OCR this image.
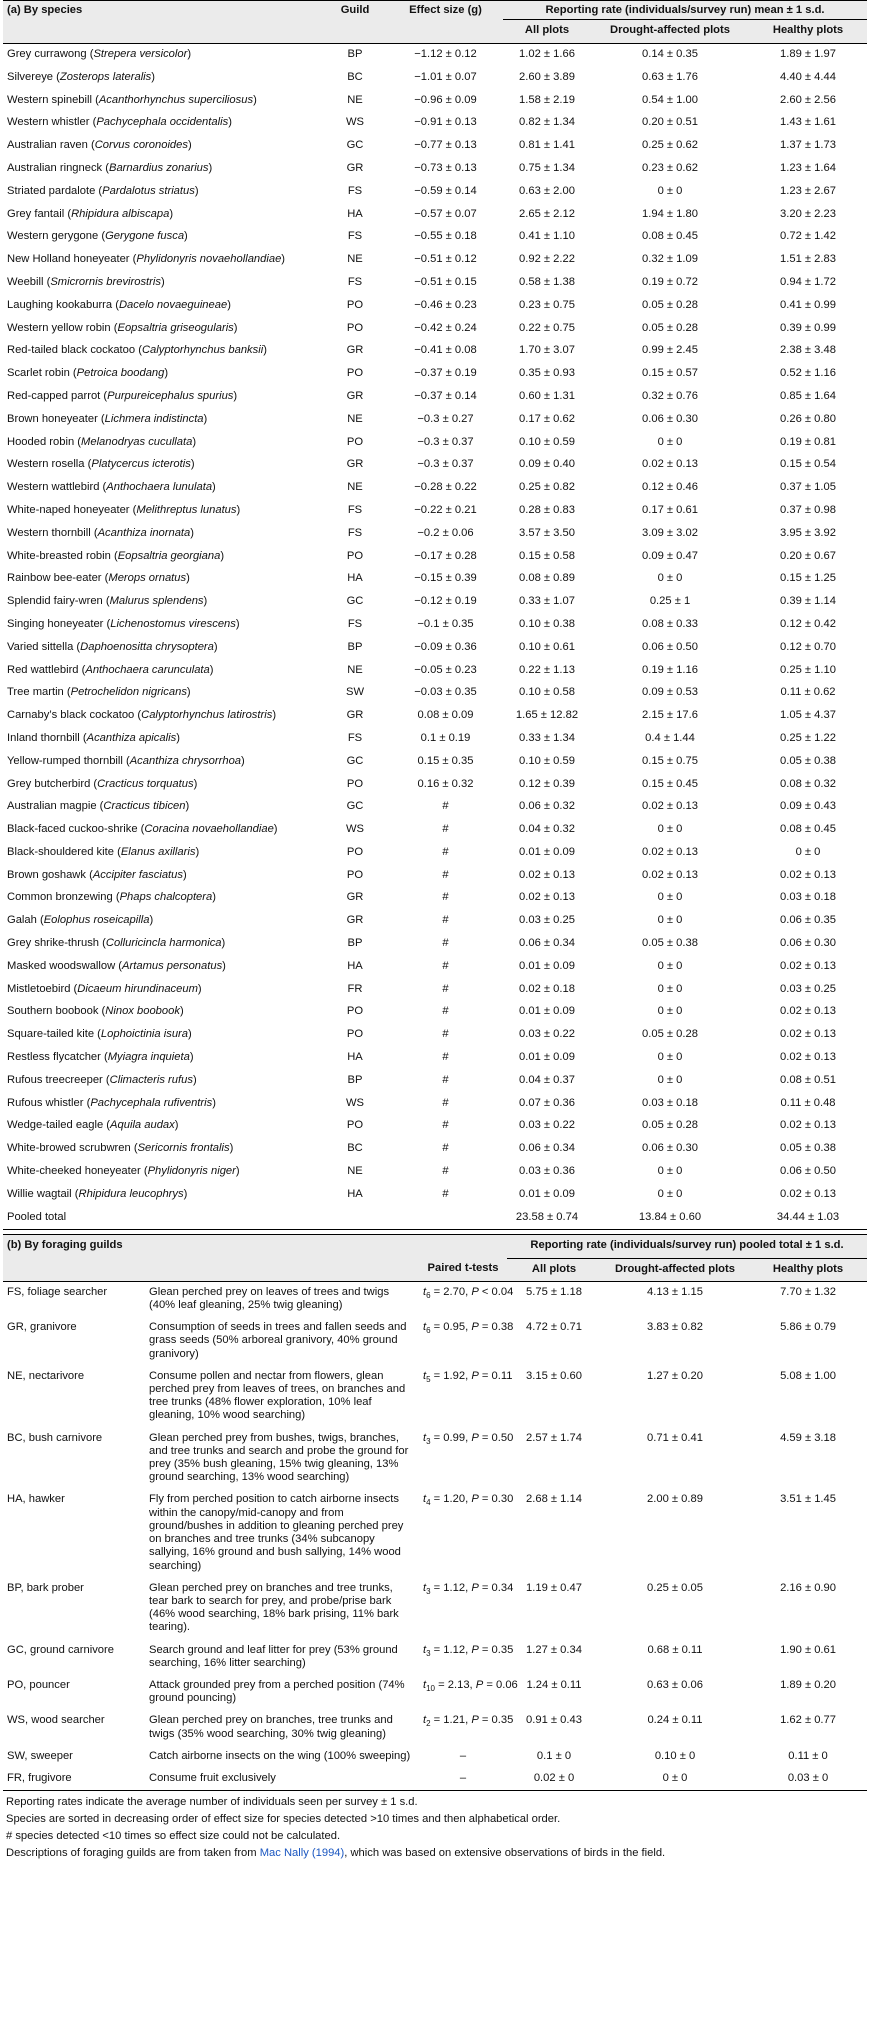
(a) By species	Guild	Effect size (g)	Reporting rate (individuals/survey run) mean ± 1 s.d.		
			All plots	Drought-affected plots	Healthy plots
Grey currawong (Strepera versicolor)	BP	−1.12 ± 0.12	1.02 ± 1.66	0.14 ± 0.35	1.89 ± 1.97
Silvereye (Zosterops lateralis)	BC	−1.01 ± 0.07	2.60 ± 3.89	0.63 ± 1.76	4.40 ± 4.44
Western spinebill (Acanthorhynchus superciliosus)	NE	−0.96 ± 0.09	1.58 ± 2.19	0.54 ± 1.00	2.60 ± 2.56
Western whistler (Pachycephala occidentalis)	WS	−0.91 ± 0.13	0.82 ± 1.34	0.20 ± 0.51	1.43 ± 1.61
Australian raven (Corvus coronoides)	GC	−0.77 ± 0.13	0.81 ± 1.41	0.25 ± 0.62	1.37 ± 1.73
Australian ringneck (Barnardius zonarius)	GR	−0.73 ± 0.13	0.75 ± 1.34	0.23 ± 0.62	1.23 ± 1.64
Striated pardalote (Pardalotus striatus)	FS	−0.59 ± 0.14	0.63 ± 2.00	0 ± 0	1.23 ± 2.67
Grey fantail (Rhipidura albiscapa)	HA	−0.57 ± 0.07	2.65 ± 2.12	1.94 ± 1.80	3.20 ± 2.23
Western gerygone (Gerygone fusca)	FS	−0.55 ± 0.18	0.41 ± 1.10	0.08 ± 0.45	0.72 ± 1.42
New Holland honeyeater (Phylidonyris novaehollandiae)	NE	−0.51 ± 0.12	0.92 ± 2.22	0.32 ± 1.09	1.51 ± 2.83
Weebill (Smicrornis brevirostris)	FS	−0.51 ± 0.15	0.58 ± 1.38	0.19 ± 0.72	0.94 ± 1.72
Laughing kookaburra (Dacelo novaeguineae)	PO	−0.46 ± 0.23	0.23 ± 0.75	0.05 ± 0.28	0.41 ± 0.99
Western yellow robin (Eopsaltria griseogularis)	PO	−0.42 ± 0.24	0.22 ± 0.75	0.05 ± 0.28	0.39 ± 0.99
Red-tailed black cockatoo (Calyptorhynchus banksii)	GR	−0.41 ± 0.08	1.70 ± 3.07	0.99 ± 2.45	2.38 ± 3.48
Scarlet robin (Petroica boodang)	PO	−0.37 ± 0.19	0.35 ± 0.93	0.15 ± 0.57	0.52 ± 1.16
Red-capped parrot (Purpureicephalus spurius)	GR	−0.37 ± 0.14	0.60 ± 1.31	0.32 ± 0.76	0.85 ± 1.64
Brown honeyeater (Lichmera indistincta)	NE	−0.3 ± 0.27	0.17 ± 0.62	0.06 ± 0.30	0.26 ± 0.80
Hooded robin (Melanodryas cucullata)	PO	−0.3 ± 0.37	0.10 ± 0.59	0 ± 0	0.19 ± 0.81
Western rosella (Platycercus icterotis)	GR	−0.3 ± 0.37	0.09 ± 0.40	0.02 ± 0.13	0.15 ± 0.54
Western wattlebird (Anthochaera lunulata)	NE	−0.28 ± 0.22	0.25 ± 0.82	0.12 ± 0.46	0.37 ± 1.05
White-naped honeyeater (Melithreptus lunatus)	FS	−0.22 ± 0.21	0.28 ± 0.83	0.17 ± 0.61	0.37 ± 0.98
Western thornbill (Acanthiza inornata)	FS	−0.2 ± 0.06	3.57 ± 3.50	3.09 ± 3.02	3.95 ± 3.92
White-breasted robin (Eopsaltria georgiana)	PO	−0.17 ± 0.28	0.15 ± 0.58	0.09 ± 0.47	0.20 ± 0.67
Rainbow bee-eater (Merops ornatus)	HA	−0.15 ± 0.39	0.08 ± 0.89	0 ± 0	0.15 ± 1.25
Splendid fairy-wren (Malurus splendens)	GC	−0.12 ± 0.19	0.33 ± 1.07	0.25 ± 1	0.39 ± 1.14
Singing honeyeater (Lichenostomus virescens)	FS	−0.1 ± 0.35	0.10 ± 0.38	0.08 ± 0.33	0.12 ± 0.42
Varied sittella (Daphoenositta chrysoptera)	BP	−0.09 ± 0.36	0.10 ± 0.61	0.06 ± 0.50	0.12 ± 0.70
Red wattlebird (Anthochaera carunculata)	NE	−0.05 ± 0.23	0.22 ± 1.13	0.19 ± 1.16	0.25 ± 1.10
Tree martin (Petrochelidon nigricans)	SW	−0.03 ± 0.35	0.10 ± 0.58	0.09 ± 0.53	0.11 ± 0.62
Carnaby’s black cockatoo (Calyptorhynchus latirostris)	GR	0.08 ± 0.09	1.65 ± 12.82	2.15 ± 17.6	1.05 ± 4.37
Inland thornbill (Acanthiza apicalis)	FS	0.1 ± 0.19	0.33 ± 1.34	0.4 ± 1.44	0.25 ± 1.22
Yellow-rumped thornbill (Acanthiza chrysorrhoa)	GC	0.15 ± 0.35	0.10 ± 0.59	0.15 ± 0.75	0.05 ± 0.38
Grey butcherbird (Cracticus torquatus)	PO	0.16 ± 0.32	0.12 ± 0.39	0.15 ± 0.45	0.08 ± 0.32
Australian magpie (Cracticus tibicen)	GC	#	0.06 ± 0.32	0.02 ± 0.13	0.09 ± 0.43
Black-faced cuckoo-shrike (Coracina novaehollandiae)	WS	#	0.04 ± 0.32	0 ± 0	0.08 ± 0.45
Black-shouldered kite (Elanus axillaris)	PO	#	0.01 ± 0.09	0.02 ± 0.13	0 ± 0
Brown goshawk (Accipiter fasciatus)	PO	#	0.02 ± 0.13	0.02 ± 0.13	0.02 ± 0.13
Common bronzewing (Phaps chalcoptera)	GR	#	0.02 ± 0.13	0 ± 0	0.03 ± 0.18
Galah (Eolophus roseicapilla)	GR	#	0.03 ± 0.25	0 ± 0	0.06 ± 0.35
Grey shrike-thrush (Colluricincla harmonica)	BP	#	0.06 ± 0.34	0.05 ± 0.38	0.06 ± 0.30
Masked woodswallow (Artamus personatus)	HA	#	0.01 ± 0.09	0 ± 0	0.02 ± 0.13
Mistletoebird (Dicaeum hirundinaceum)	FR	#	0.02 ± 0.18	0 ± 0	0.03 ± 0.25
Southern boobook (Ninox boobook)	PO	#	0.01 ± 0.09	0 ± 0	0.02 ± 0.13
Square-tailed kite (Lophoictinia isura)	PO	#	0.03 ± 0.22	0.05 ± 0.28	0.02 ± 0.13
Restless flycatcher (Myiagra inquieta)	HA	#	0.01 ± 0.09	0 ± 0	0.02 ± 0.13
Rufous treecreeper (Climacteris rufus)	BP	#	0.04 ± 0.37	0 ± 0	0.08 ± 0.51
Rufous whistler (Pachycephala rufiventris)	WS	#	0.07 ± 0.36	0.03 ± 0.18	0.11 ± 0.48
Wedge-tailed eagle (Aquila audax)	PO	#	0.03 ± 0.22	0.05 ± 0.28	0.02 ± 0.13
White-browed scrubwren (Sericornis frontalis)	BC	#	0.06 ± 0.34	0.06 ± 0.30	0.05 ± 0.38
White-cheeked honeyeater (Phylidonyris niger)	NE	#	0.03 ± 0.36	0 ± 0	0.06 ± 0.50
Willie wagtail (Rhipidura leucophrys)	HA	#	0.01 ± 0.09	0 ± 0	0.02 ± 0.13
Pooled total			23.58 ± 0.74	13.84 ± 0.60	34.44 ± 1.03
(b) By foraging guilds			Reporting rate (individuals/survey run) pooled total ± 1 s.d.		
		Paired t-tests	All plots	Drought-affected plots	Healthy plots
FS, foliage searcher	Glean perched prey on leaves of trees and twigs (40% leaf gleaning, 25% twig gleaning)	$t_6 = 2.70$, P < 0.04	5.75 ± 1.18	4.13 ± 1.15	7.70 ± 1.32
GR, granivore	Consumption of seeds in trees and fallen seeds and grass seeds (50% arboreal granivory, 40% ground granivory)	$t_6 = 0.95$, P = 0.38	4.72 ± 0.71	3.83 ± 0.82	5.86 ± 0.79
NE, nectarivore	Consume pollen and nectar from flowers, glean perched prey from leaves of trees, on branches and tree trunks (48% flower exploration, 10% leaf gleaning, 10% wood searching)	$t_5 = 1.92$, P = 0.11	3.15 ± 0.60	1.27 ± 0.20	5.08 ± 1.00
BC, bush carnivore	Glean perched prey from bushes, twigs, branches, and tree trunks and search and probe the ground for prey (35% bush gleaning, 15% twig gleaning, 13% ground searching, 13% wood searching)	$t_3 = 0.99$, P = 0.50	2.57 ± 1.74	0.71 ± 0.41	4.59 ± 3.18
HA, hawker	Fly from perched position to catch airborne insects within the canopy/mid-canopy and from ground/bushes in addition to gleaning perched prey on branches and tree trunks (34% subcanopy sallying, 16% ground and bush sallying, 14% wood searching)	$t_4 = 1.20$, P = 0.30	2.68 ± 1.14	2.00 ± 0.89	3.51 ± 1.45
BP, bark prober	Glean perched prey on branches and tree trunks, tear bark to search for prey, and probe/prise bark (46% wood searching, 18% bark prising, 11% bark tearing).	$t_3 = 1.12$, P = 0.34	1.19 ± 0.47	0.25 ± 0.05	2.16 ± 0.90
GC, ground carnivore	Search ground and leaf litter for prey (53% ground searching, 16% litter searching)	$t_3 = 1.12$, P = 0.35	1.27 ± 0.34	0.68 ± 0.11	1.90 ± 0.61
PO, pouncer	Attack grounded prey from a perched position (74% ground pouncing)	$t_{10} = 2.13$, P = 0.06	1.24 ± 0.11	0.63 ± 0.06	1.89 ± 0.20
WS, wood searcher	Glean perched prey on branches, tree trunks and twigs (35% wood searching, 30% twig gleaning)	$t_2 = 1.21$, P = 0.35	0.91 ± 0.43	0.24 ± 0.11	1.62 ± 0.77
SW, sweeper	Catch airborne insects on the wing (100% sweeping)	–	0.1 ± 0	0.10 ± 0	0.11 ± 0
FR, frugivore	Consume fruit exclusively	–	0.02 ± 0	0 ± 0	0.03 ± 0
Reporting rates indicate the average number of individuals seen per survey ± 1 s.d.
Species are sorted in decreasing order of effect size for species detected >10 times and then alphabetical order.
# species detected <10 times so effect size could not be calculated.
Descriptions of foraging guilds are from taken from Mac Nally (1994), which was based on extensive observations of birds in the field.
